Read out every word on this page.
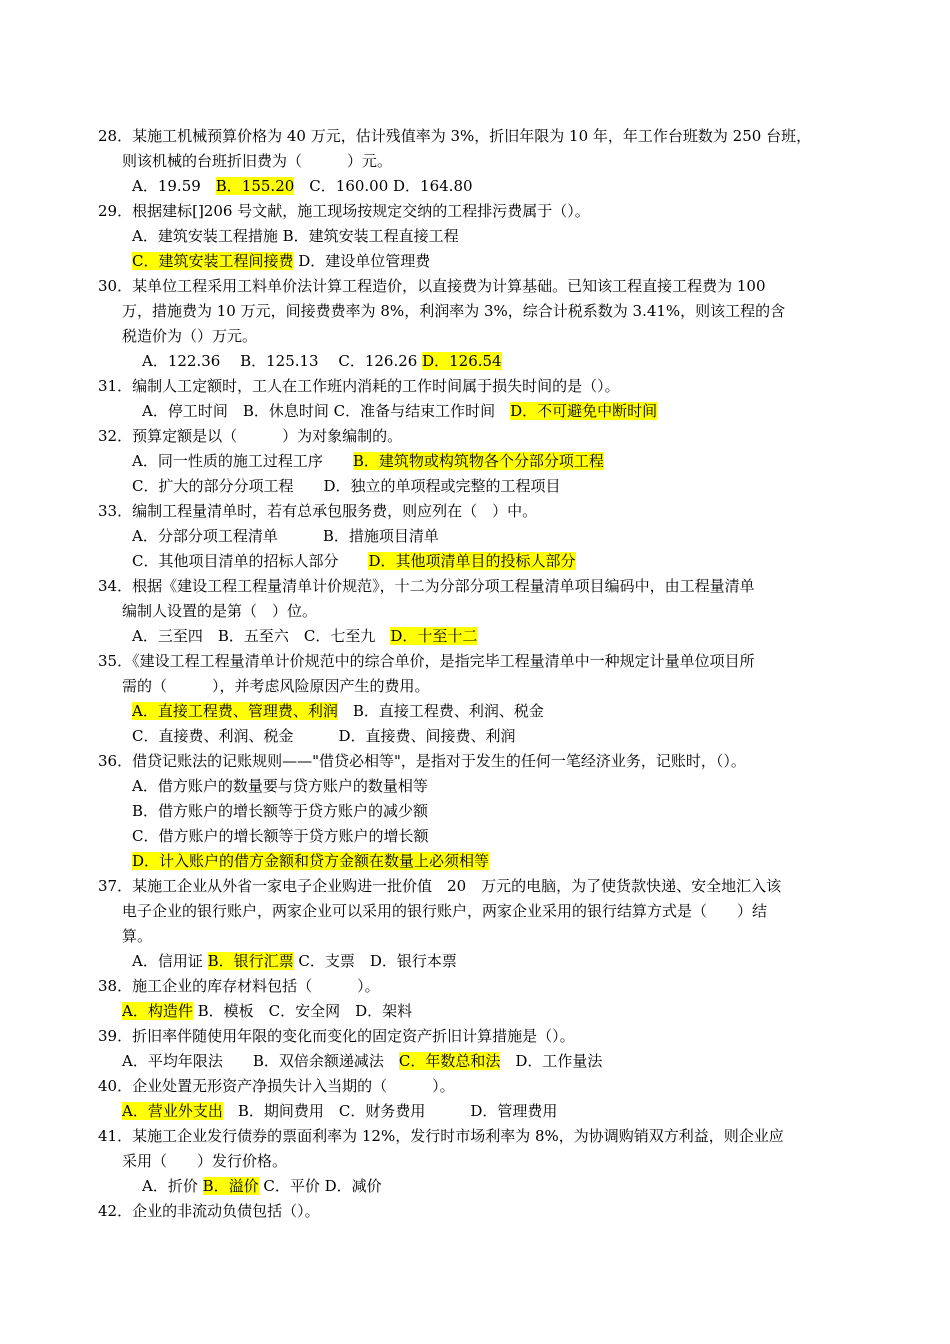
28．某施工机械预算价格为 40 万元，估计残值率为 3%，折旧年限为 10 年，年工作台班数为 250 台班，
则该机械的台班折旧费为（　　　）元。
A．19.59　B．155.20　C．160.00 D．164.80
29．根据建标[]206 号文献，施工现场按规定交纳的工程排污费属于（）。
A．建筑安装工程措施 B．建筑安装工程直接工程
C．建筑安装工程间接费 D．建设单位管理费
30．某单位工程采用工料单价法计算工程造价，以直接费为计算基础。已知该工程直接工程费为 100
万，措施费为 10 万元，间接费费率为 8%，利润率为 3%，综合计税系数为 3.41%，则该工程的含
税造价为（）万元。
A．122.36　 B．125.13　 C．126.26 D．126.54
31．编制人工定额时，工人在工作班内消耗的工作时间属于损失时间的是（）。
A．停工时间　B．休息时间 C．准备与结束工作时间　D．不可避免中断时间
32．预算定额是以（　　　）为对象编制的。
A．同一性质的施工过程工序　　B．建筑物或构筑物各个分部分项工程
C．扩大的部分分项工程　　D．独立的单项程或完整的工程项目
33．编制工程量清单时，若有总承包服务费，则应列在（　）中。
A．分部分项工程清单　　　B．措施项目清单
C．其他项目清单的招标人部分　　D．其他项清单目的投标人部分
34．根据《建设工程工程量清单计价规范》，十二为分部分项工程量清单项目编码中，由工程量清单
编制人设置的是第（　）位。
A．三至四　B．五至六　C．七至九　D．十至十二
35．《建设工程工程量清单计价规范中的综合单价，是指完毕工程量清单中一种规定计量单位项目所
需的（　　　），并考虑风险原因产生的费用。
A．直接工程费、管理费、利润　B．直接工程费、利润、税金
C．直接费、利润、税金　　　D．直接费、间接费、利润
36．借贷记账法的记账规则——"借贷必相等"，是指对于发生的任何一笔经济业务，记账时，（）。
A．借方账户的数量要与贷方账户的数量相等
B．借方账户的增长额等于贷方账户的减少额
C．借方账户的增长额等于贷方账户的增长额
D．计入账户的借方金额和贷方金额在数量上必须相等
37．某施工企业从外省一家电子企业购进一批价值　20　万元的电脑，为了使货款快递、安全地汇入该
电子企业的银行账户，两家企业可以采用的银行账户，两家企业采用的银行结算方式是（　　）结
算。
A．信用证 B．银行汇票 C．支票　D．银行本票
38．施工企业的库存材料包括（　　　）。
A．构造件 B．模板　C．安全网　D．架料
39．折旧率伴随使用年限的变化而变化的固定资产折旧计算措施是（）。
A．平均年限法　　B．双倍余额递减法　C．年数总和法　D．工作量法
40．企业处置无形资产净损失计入当期的（　　　）。
A．营业外支出　B．期间费用　C．财务费用　　　D．管理费用
41．某施工企业发行债券的票面利率为 12%，发行时市场利率为 8%，为协调购销双方利益，则企业应
采用（　　）发行价格。
A．折价 B．溢价 C．平价 D．减价
42．企业的非流动负债包括（）。
